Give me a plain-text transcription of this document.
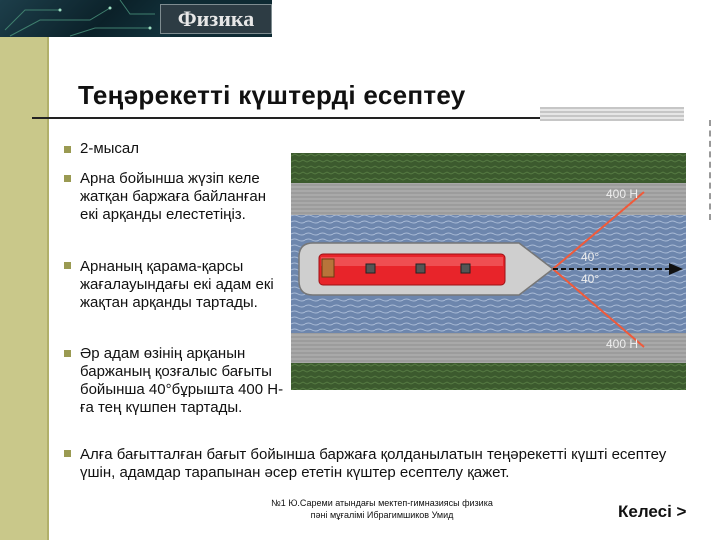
Физика
Теңәрекетті күштерді есептеу
2-мысал
Арна бойынша жүзіп келе жатқан баржаға байланған екі арқанды елестетіңіз.
Арнаның қарама-қарсы жағалауындағы екі адам екі жақтан арқанды тартады.
Әр адам өзінің арқанын баржаның қозғалыс бағыты бойынша 40°бұрышта 400 Н-ға тең күшпен тартады.
400 Н
400 Н
40°
40°
Алға бағытталған бағыт бойынша баржаға қолданылатын теңәрекетті күшті есептеу үшін, адамдар тарапынан әсер ететін күштер есептелу қажет.
№1 Ю.Сареми атындағы мектеп-гимназиясы физика пәні мұғалімі Ибрагимшиков Умид	Келесі >
